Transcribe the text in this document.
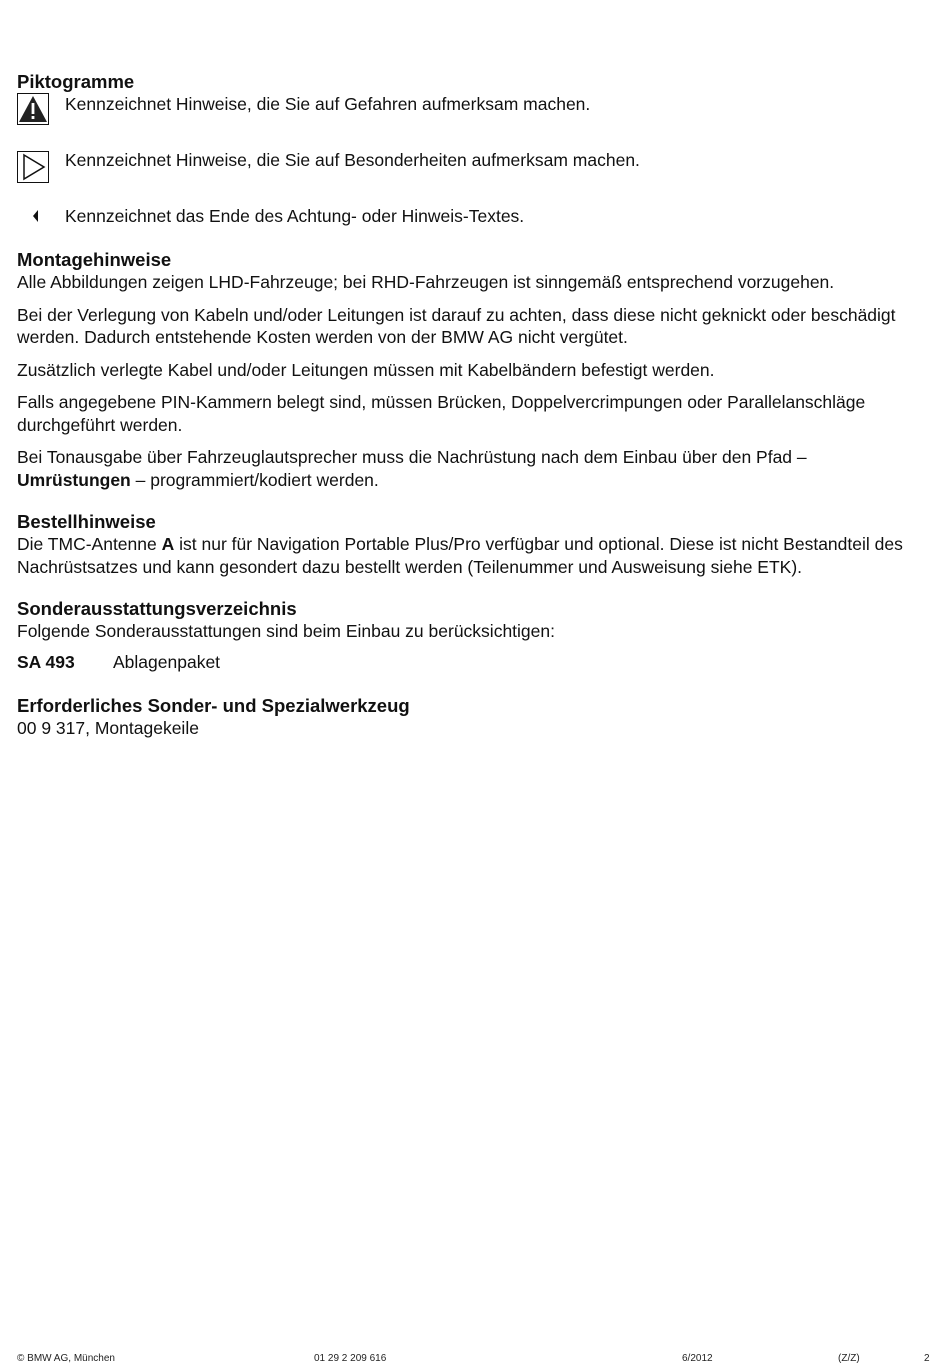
Piktogramme
Kennzeichnet Hinweise, die Sie auf Gefahren aufmerksam machen.
Kennzeichnet Hinweise, die Sie auf Besonderheiten aufmerksam machen.
Kennzeichnet das Ende des Achtung- oder Hinweis-Textes.
Montagehinweise

Alle Abbildungen zeigen LHD-Fahrzeuge; bei RHD-Fahrzeugen ist sinngemäß entsprechend vorzugehen.

Bei der Verlegung von Kabeln und/oder Leitungen ist darauf zu achten, dass diese nicht geknickt oder beschädigt werden. Dadurch entstehende Kosten werden von der BMW AG nicht vergütet.

Zusätzlich verlegte Kabel und/oder Leitungen müssen mit Kabelbändern befestigt werden.

Falls angegebene PIN-Kammern belegt sind, müssen Brücken, Doppelvercrimpungen oder Parallelanschläge durchgeführt werden.

Bei Tonausgabe über Fahrzeuglautsprecher muss die Nachrüstung nach dem Einbau über den Pfad – Umrüstungen – programmiert/kodiert werden.

Bestellhinweise

Die TMC-Antenne A ist nur für Navigation Portable Plus/Pro verfügbar und optional. Diese ist nicht Bestandteil des Nachrüstsatzes und kann gesondert dazu bestellt werden (Teilenummer und Ausweisung siehe ETK).

Sonderausstattungsverzeichnis

Folgende Sonderausstattungen sind beim Einbau zu berücksichtigen:

SA 493	Ablagenpaket
Erforderliches Sonder- und Spezialwerkzeug

00 9 317, Montagekeile

© BMW AG, München	01 29 2 209 616	6/2012	(Z/Z)	2
